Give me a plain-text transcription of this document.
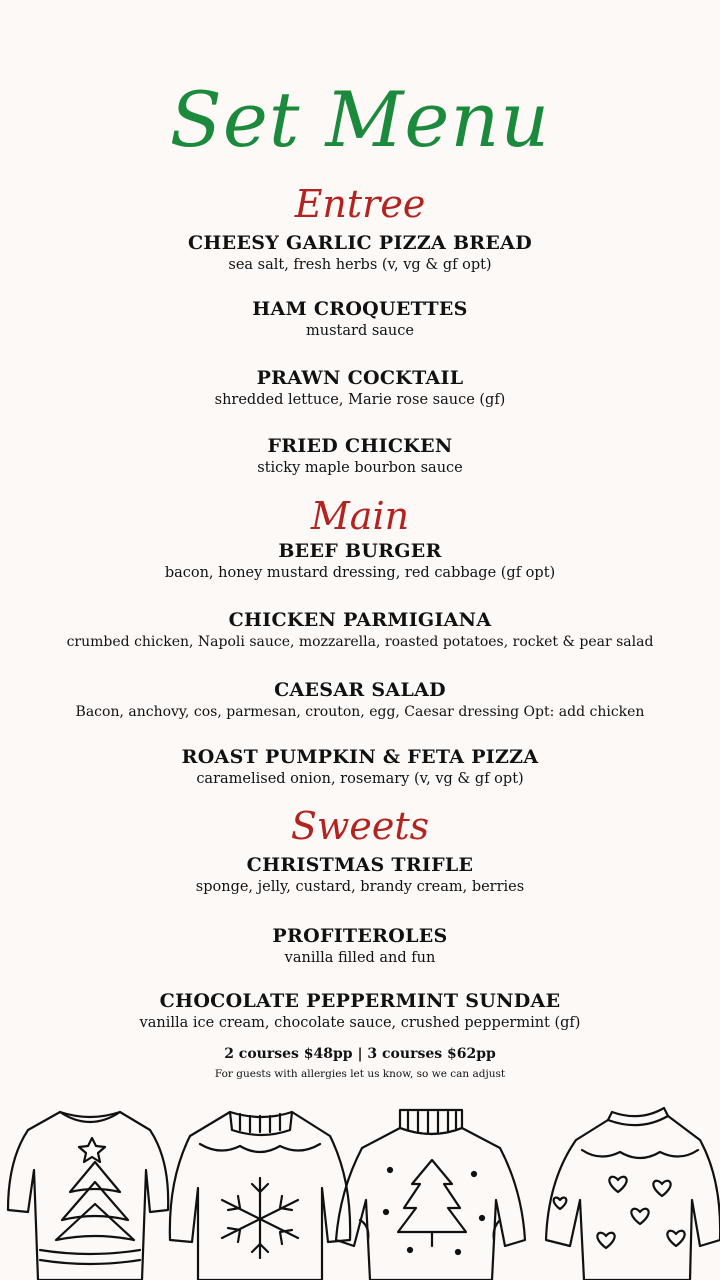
Set Menu
Entree
CHEESY GARLIC PIZZA BREAD
sea salt, fresh herbs (v, vg & gf opt)
HAM CROQUETTES
mustard sauce
PRAWN COCKTAIL
shredded lettuce, Marie rose sauce (gf)
FRIED CHICKEN
sticky maple bourbon sauce
Main
BEEF BURGER
bacon, honey mustard dressing, red cabbage (gf opt)
CHICKEN PARMIGIANA
crumbed chicken, Napoli sauce, mozzarella, roasted potatoes, rocket & pear salad
CAESAR SALAD
Bacon, anchovy, cos, parmesan, crouton, egg, Caesar dressing Opt: add chicken
ROAST PUMPKIN & FETA PIZZA
caramelised onion, rosemary (v, vg & gf opt)
Sweets
CHRISTMAS TRIFLE
sponge, jelly, custard, brandy cream, berries
PROFITEROLES
vanilla filled and fun
CHOCOLATE PEPPERMINT SUNDAE
vanilla ice cream, chocolate sauce, crushed peppermint (gf)
2 courses $48pp | 3 courses $62pp
For guests with allergies let us know, so we can adjust
